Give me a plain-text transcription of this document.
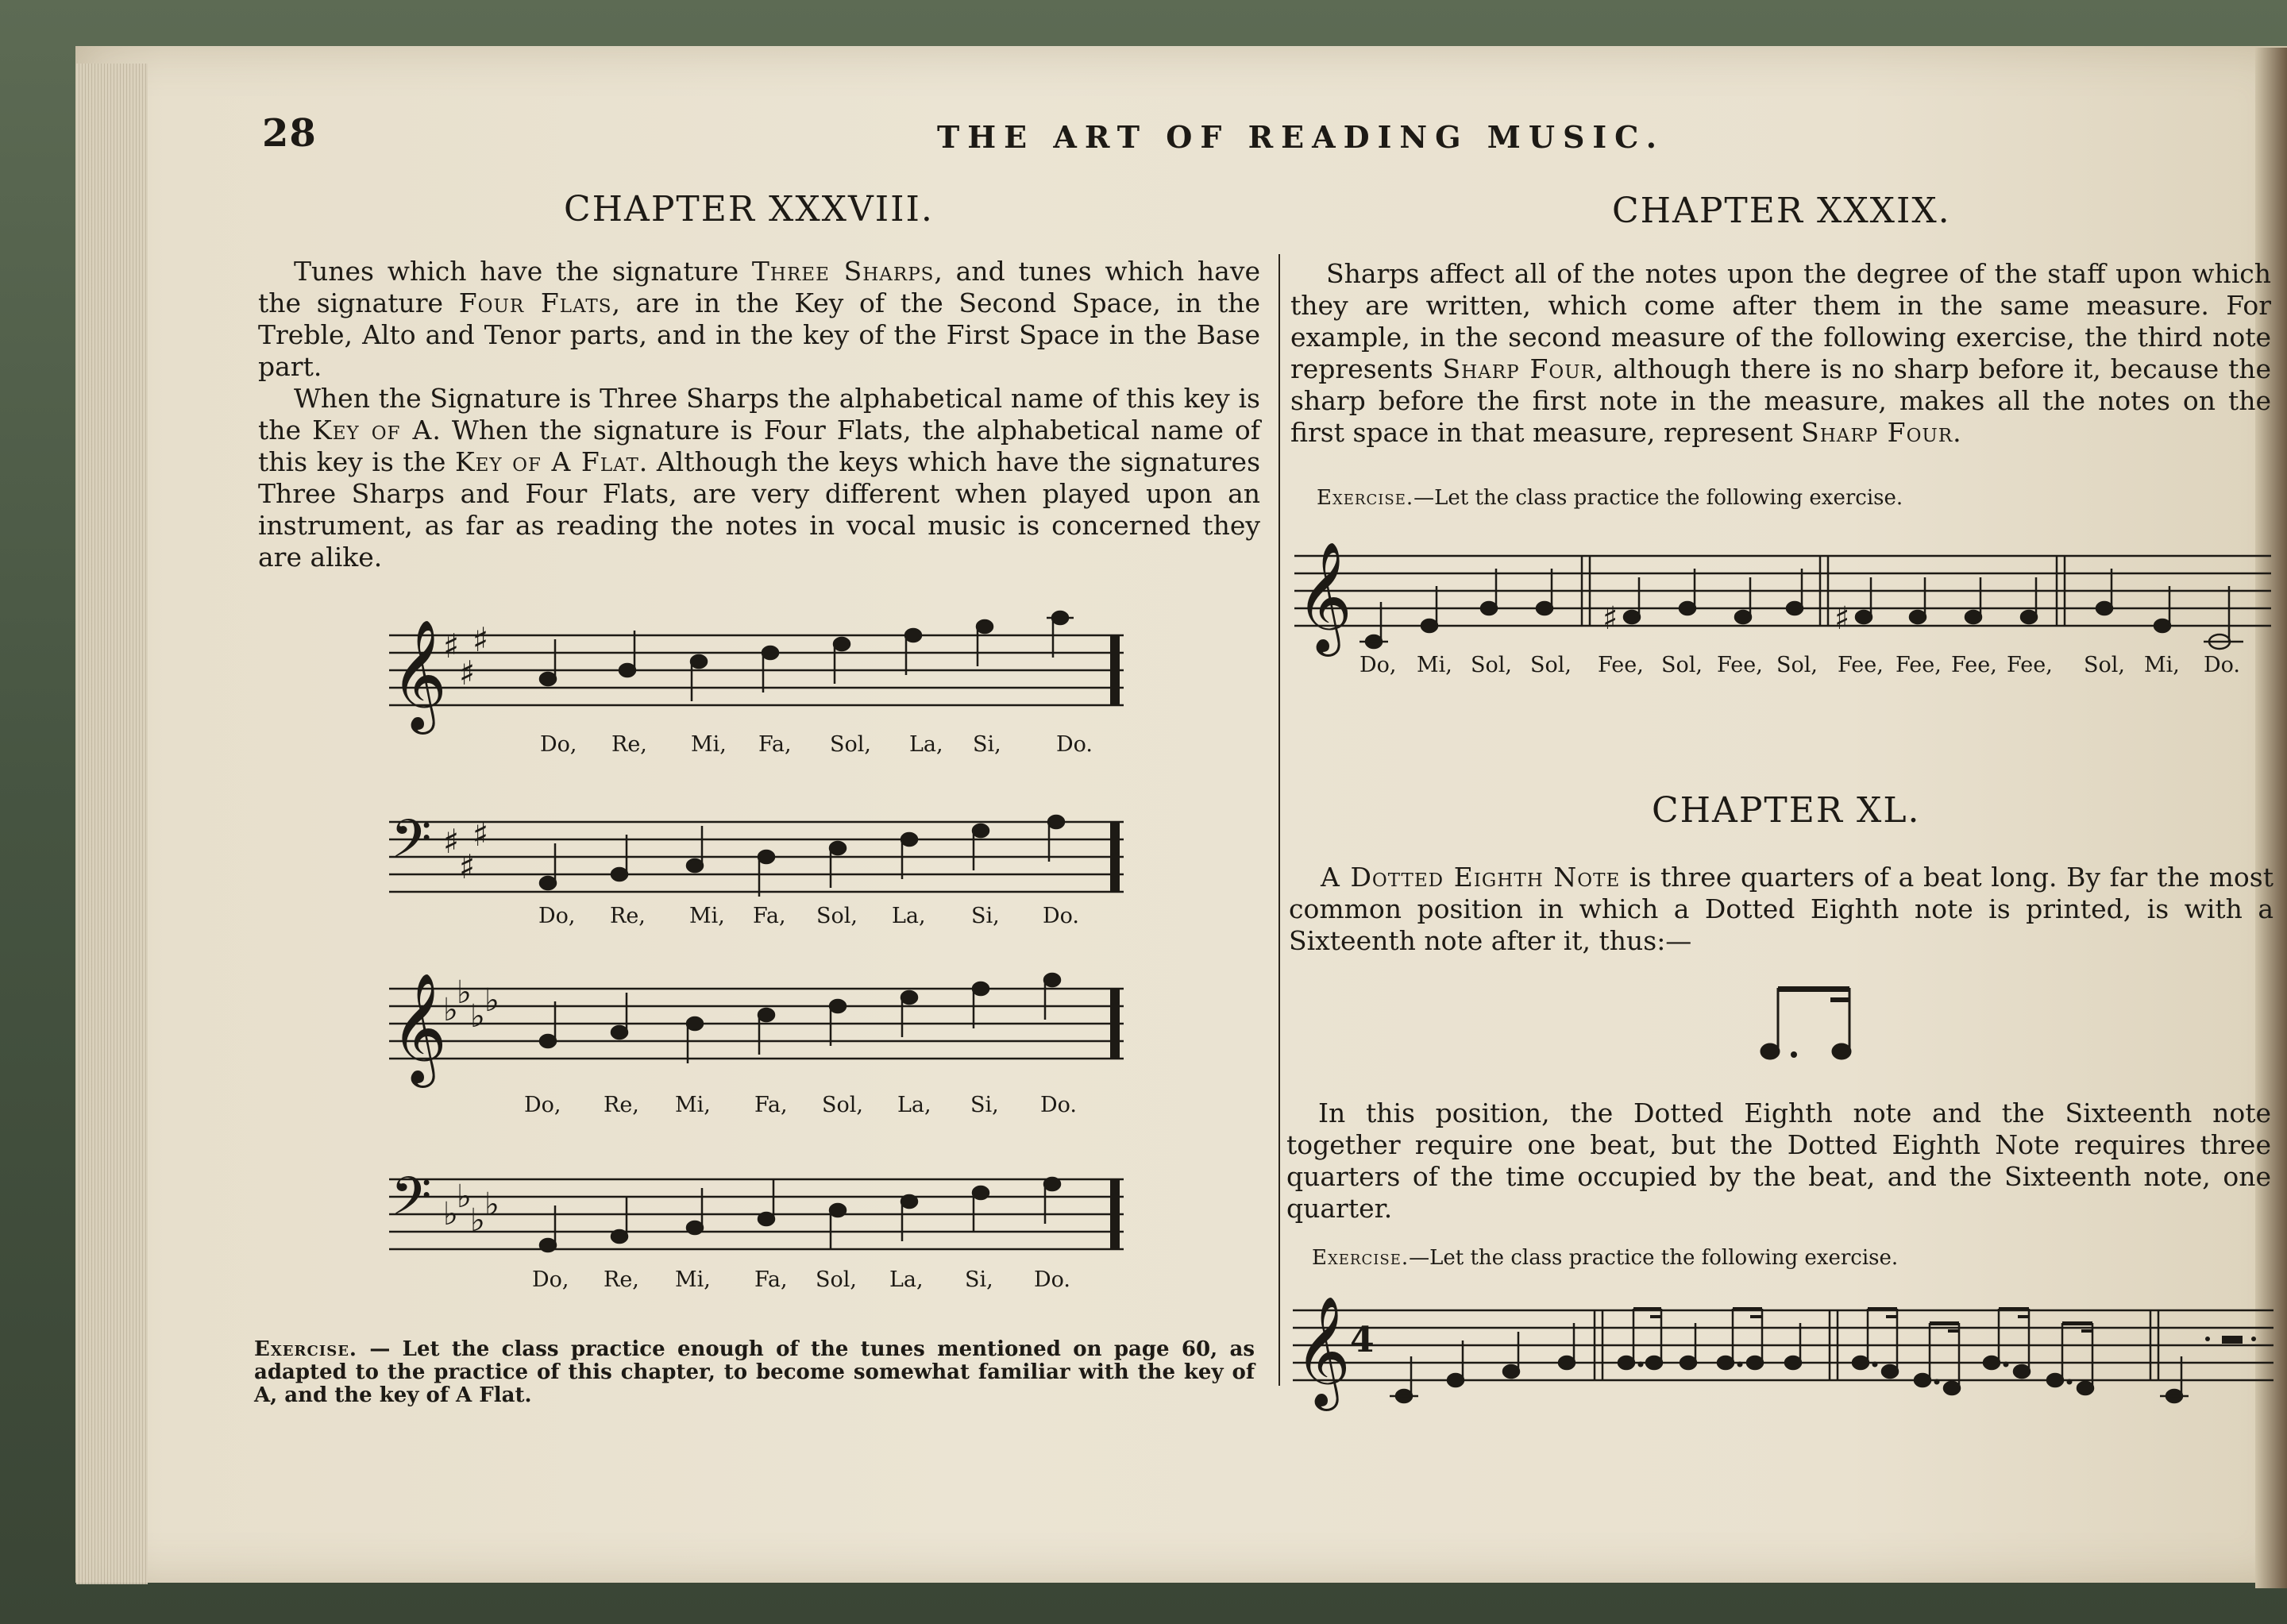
28	THE ART OF READING MUSIC.
CHAPTER XXXVIII.

Tunes which have the signature Three Sharps, and tunes which have the signature Four Flats, are in the Key of the Second Space, in the Treble, Alto and Tenor parts, and in the key of the First Space in the Base part.

When the Signature is Three Sharps the alphabetical name of this key is the Key of A. When the signature is Four Flats, the alphabetical name of this key is the Key of A Flat. Although the keys which have the signatures Three Sharps and Four Flats, are very different when played upon an instrument, as far as reading the notes in vocal music is concerned they are alike.

𝄞
♯
♯
♯
Do, Re, Mi, Fa, Sol, La, Si,	Do.
𝄢 ♯
♯
♯
Do, Re, Mi, Fa, Sol, La, Si, Do.
𝄞
♭
♭
♭ ♭
Do, Re, Mi, Fa, Sol, La, Si, Do.
𝄢 ♭
♭
♭ ♭
Do, Re, Mi, Fa, Sol, La, Si, Do.
Exercise. — Let the class practice enough of the tunes mentioned on page 60, as adapted to the practice of this chapter, to become somewhat familiar with the key of A, and the key of A Flat.
CHAPTER XXXIX.

Sharps affect all of the notes upon the degree of the staff upon which they are written, which come after them in the same measure. For example, in the second measure of the following exercise, the third note represents Sharp Four, although there is no sharp before it, because the sharp before the first note in the measure, makes all the notes on the first space in that measure, represent Sharp Four.

Exercise.—Let the class practice the following exercise.
𝄞	♯	♯
Do, Mi, Sol, Sol, Fee, Sol, Fee, Sol, Fee, Fee, Fee, Fee, Sol, Mi, Do.
CHAPTER XL.

A Dotted Eighth Note is three quarters of a beat long. By far the most common position in which a Dotted Eighth note is printed, is with a Sixteenth note after it, thus:—

In this position, the Dotted Eighth note and the Sixteenth note together require one beat, but the Dotted Eighth Note requires three quarters of the time occupied by the beat, and the Sixteenth note, one quarter.

Exercise.—Let the class practice the following exercise.
𝄞 4
